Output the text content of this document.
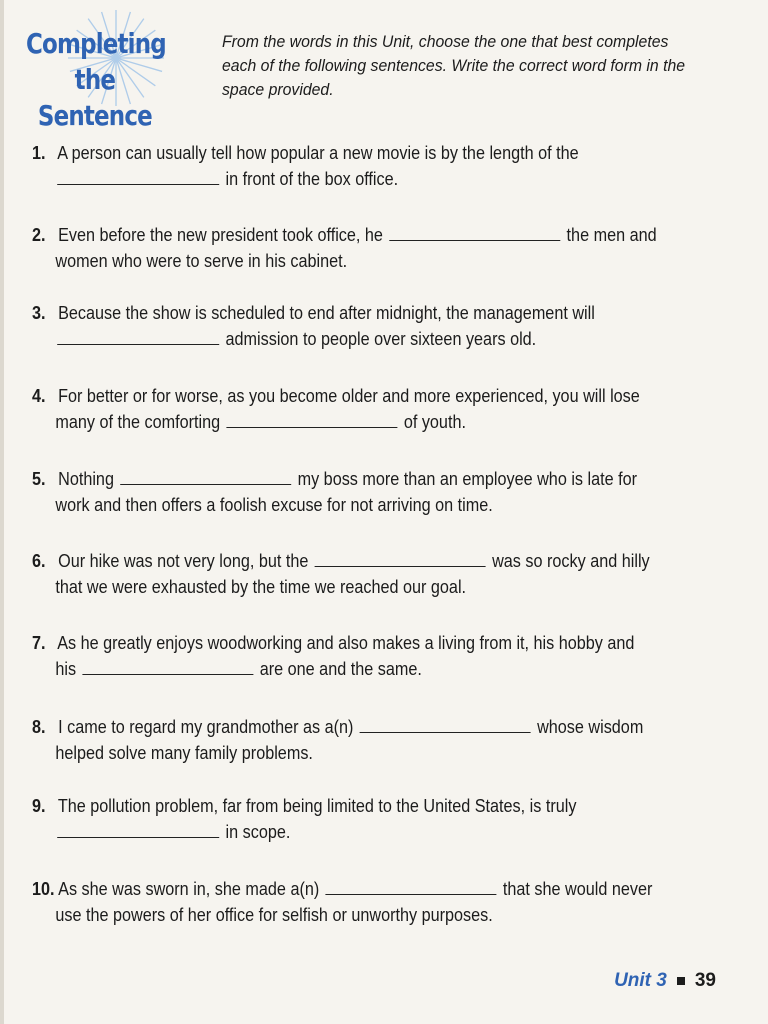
Completing
the Sentence
From the words in this Unit, choose the one that best completes each of the following sentences. Write the correct word form in the space provided.
1. A person can usually tell how popular a new movie is by the length of the
in front of the box office.
2. Even before the new president took office, he	the men and
women who were to serve in his cabinet.
3. Because the show is scheduled to end after midnight, the management will
admission to people over sixteen years old.
4. For better or for worse, as you become older and more experienced, you will lose
many of the comforting	of youth.
5. Nothing	my boss more than an employee who is late for
work and then offers a foolish excuse for not arriving on time.
6. Our hike was not very long, but the	was so rocky and hilly
that we were exhausted by the time we reached our goal.
7. As he greatly enjoys woodworking and also makes a living from it, his hobby and
his	are one and the same.
8. I came to regard my grandmother as a(n)	whose wisdom
helped solve many family problems.
9. The pollution problem, far from being limited to the United States, is truly
in scope.
10. As she was sworn in, she made a(n)	that she would never
use the powers of her office for selfish or unworthy purposes.
Unit 3 39
